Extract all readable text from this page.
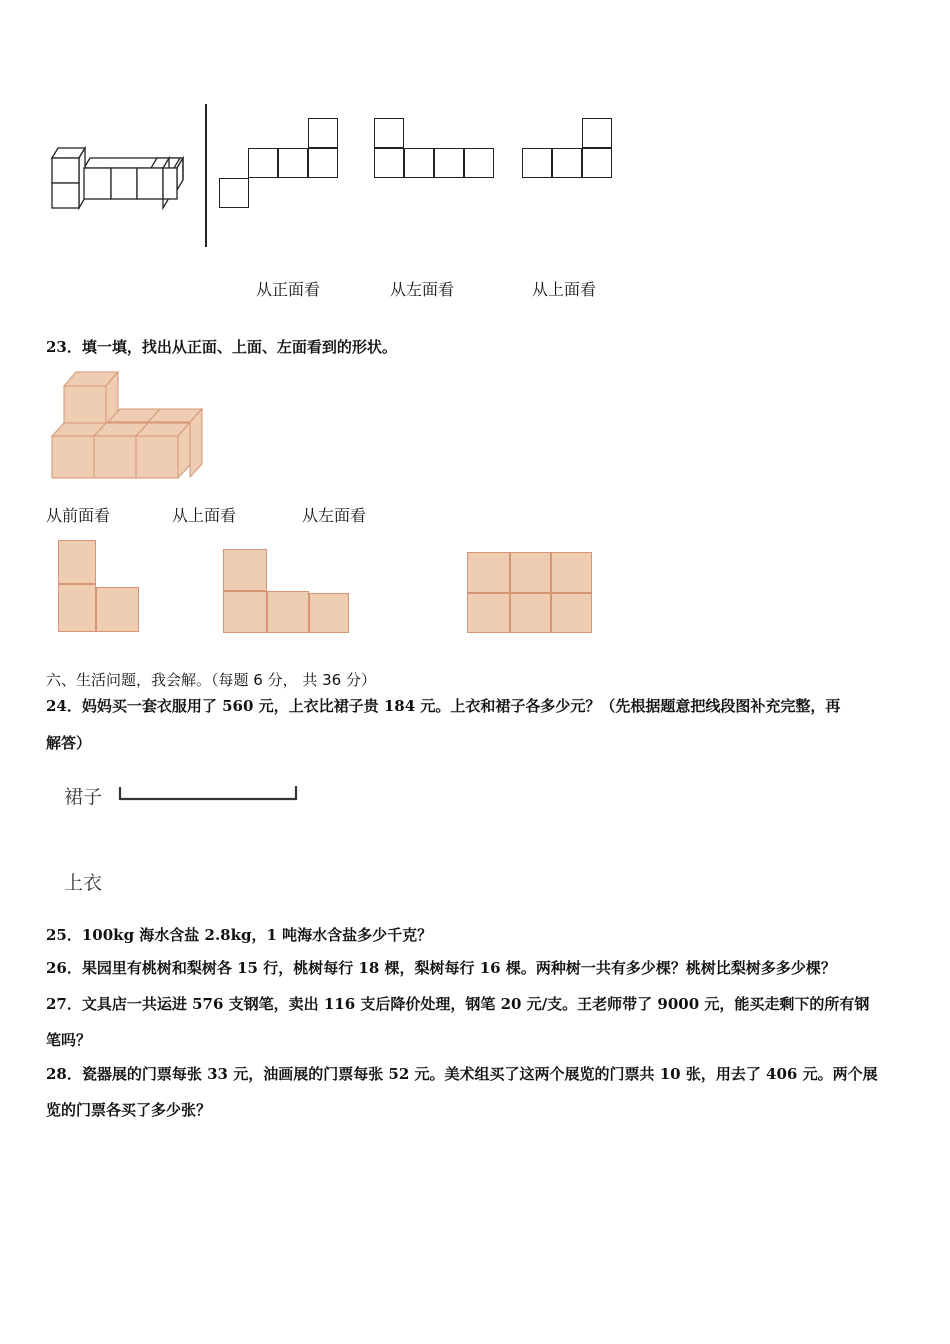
从正面看	从左面看	从上面看
23．填一填，找出从正面、上面、左面看到的形状。
从前面看	从上面看	从左面看
六、生活问题，我会解。（每题 6 分， 共 36 分）
24．妈妈买一套衣服用了 560 元，上衣比裙子贵 184 元。上衣和裙子各多少元？（先根据题意把线段图补充完整，再
解答）
裙子
上衣
25．100kg 海水含盐 2.8kg，1 吨海水含盐多少千克？
26．果园里有桃树和梨树各 15 行，桃树每行 18 棵，梨树每行 16 棵。两种树一共有多少棵？桃树比梨树多多少棵？
27．文具店一共运进 576 支钢笔，卖出 116 支后降价处理，钢笔 20 元/支。王老师带了 9000 元，能买走剩下的所有钢
笔吗？
28．瓷器展的门票每张 33 元，油画展的门票每张 52 元。美术组买了这两个展览的门票共 10 张，用去了 406 元。两个展
览的门票各买了多少张？
